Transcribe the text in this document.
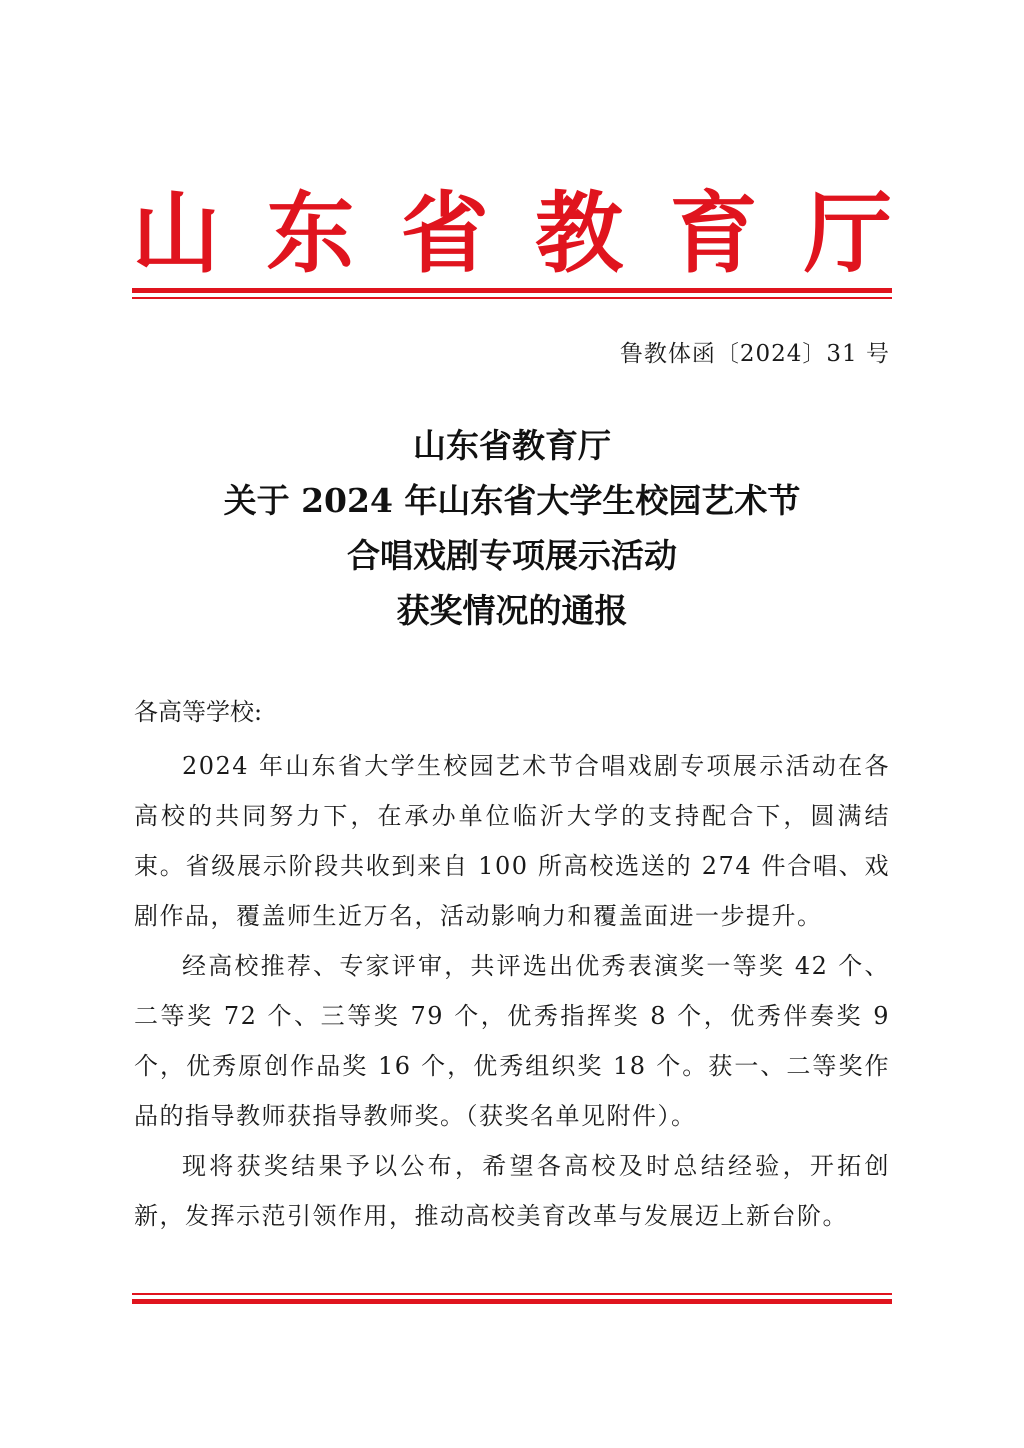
山 东 省 教 育 厅
鲁教体函〔2024〕31 号
山东省教育厅
关于 2024 年山东省大学生校园艺术节
合唱戏剧专项展示活动
获奖情况的通报
各高等学校:

2024 年山东省大学生校园艺术节合唱戏剧专项展示活动在各高校的共同努力下，在承办单位临沂大学的支持配合下，圆满结束。省级展示阶段共收到来自 100 所高校选送的 274 件合唱、戏剧作品，覆盖师生近万名，活动影响力和覆盖面进一步提升。

经高校推荐、专家评审，共评选出优秀表演奖一等奖 42 个、二等奖 72 个、三等奖 79 个，优秀指挥奖 8 个，优秀伴奏奖 9 个，优秀原创作品奖 16 个，优秀组织奖 18 个。获一、二等奖作品的指导教师获指导教师奖。（获奖名单见附件）。

现将获奖结果予以公布，希望各高校及时总结经验，开拓创新，发挥示范引领作用，推动高校美育改革与发展迈上新台阶。
